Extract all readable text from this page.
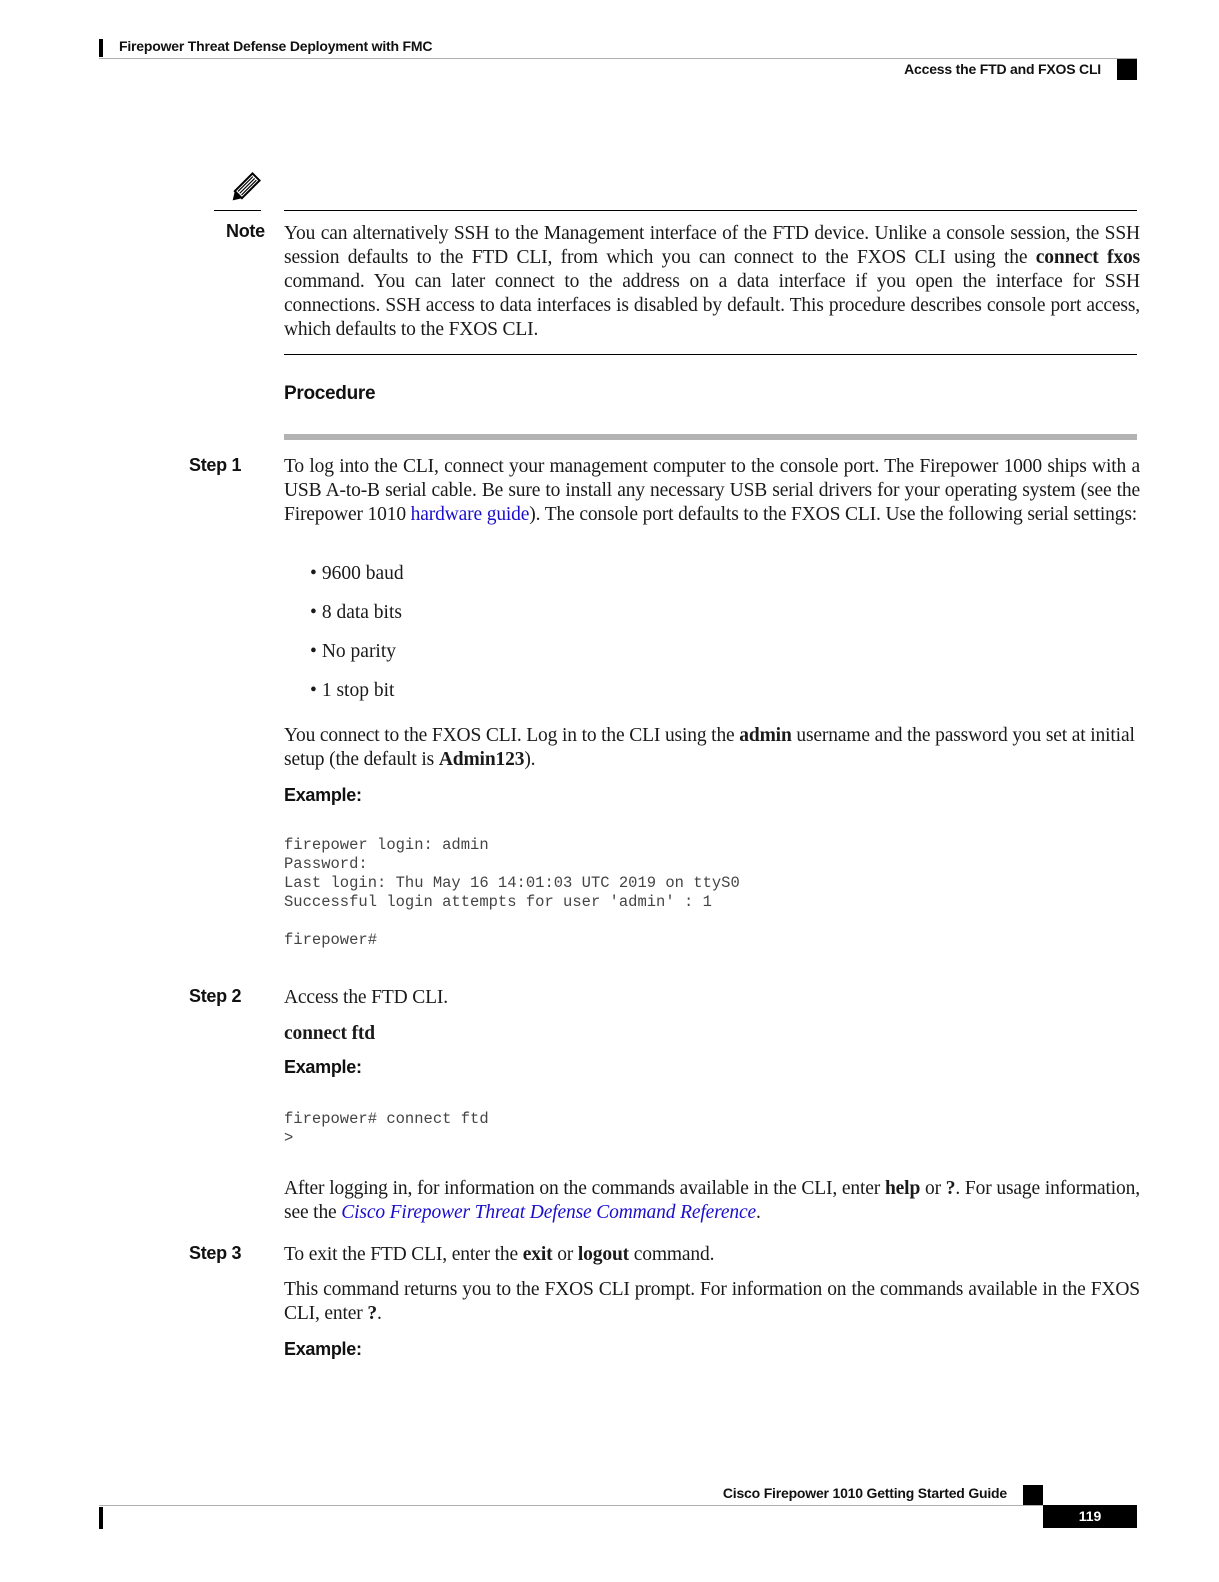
Firepower Threat Defense Deployment with FMC
Access the FTD and FXOS CLI
Note You can alternatively SSH to the Management interface of the FTD device. Unlike a console session, the SSH session defaults to the FTD CLI, from which you can connect to the FXOS CLI using the connect fxos command. You can later connect to the address on a data interface if you open the interface for SSH connections. SSH access to data interfaces is disabled by default. This procedure describes console port access, which defaults to the FXOS CLI.
Procedure
Step 1 To log into the CLI, connect your management computer to the console port. The Firepower 1000 ships with a USB A-to-B serial cable. Be sure to install any necessary USB serial drivers for your operating system (see the Firepower 1010 hardware guide). The console port defaults to the FXOS CLI. Use the following serial settings:
• 9600 baud
• 8 data bits
• No parity
• 1 stop bit
You connect to the FXOS CLI. Log in to the CLI using the admin username and the password you set at initial setup (the default is Admin123).
Example:
firepower login: admin
Password:
Last login: Thu May 16 14:01:03 UTC 2019 on ttyS0
Successful login attempts for user 'admin' : 1

firepower#
Step 2 Access the FTD CLI.
connect ftd
Example:
firepower# connect ftd
>
After logging in, for information on the commands available in the CLI, enter help or ?. For usage information, see the Cisco Firepower Threat Defense Command Reference.
Step 3 To exit the FTD CLI, enter the exit or logout command.
This command returns you to the FXOS CLI prompt. For information on the commands available in the FXOS CLI, enter ?.
Example:
Cisco Firepower 1010 Getting Started Guide
119
